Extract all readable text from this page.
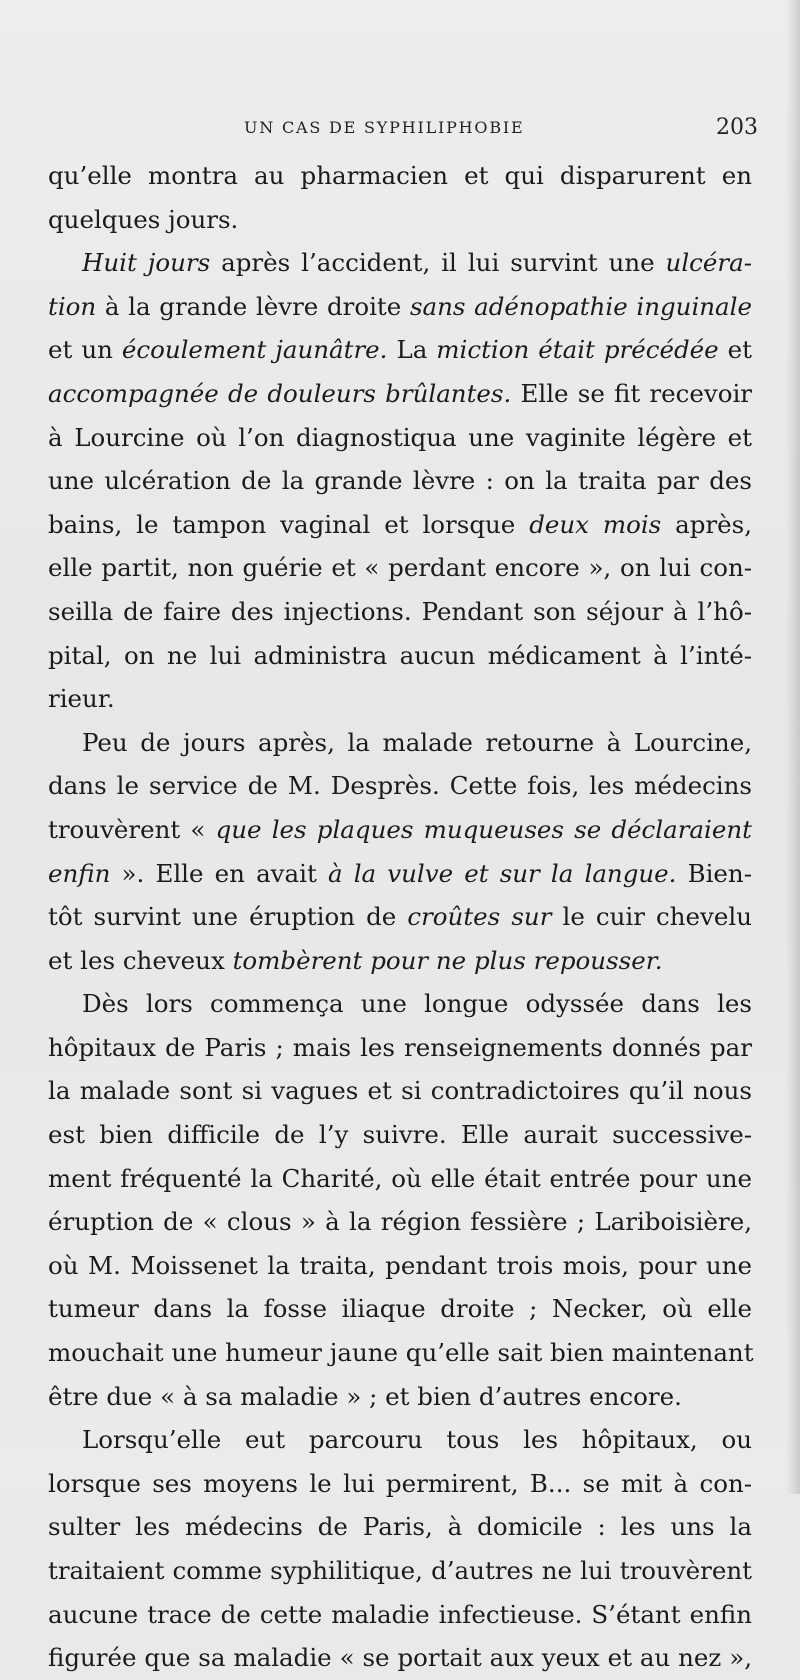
UN CAS DE SYPHILIPHOBIE	203
qu’elle montra au pharmacien et qui disparurent en
quelques jours.
Huit jours après l’accident, il lui survint une ulcéra-
tion à la grande lèvre droite sans adénopathie inguinale
et un écoulement jaunâtre. La miction était précédée et
accompagnée de douleurs brûlantes. Elle se fit recevoir
à Lourcine où l’on diagnostiqua une vaginite légère et
une ulcération de la grande lèvre : on la traita par des
bains, le tampon vaginal et lorsque deux mois après,
elle partit, non guérie et « perdant encore », on lui con-
seilla de faire des injections. Pendant son séjour à l’hô-
pital, on ne lui administra aucun médicament à l’inté-
rieur.
Peu de jours après, la malade retourne à Lourcine,
dans le service de M. Desprès. Cette fois, les médecins
trouvèrent « que les plaques muqueuses se déclaraient
enfin ». Elle en avait à la vulve et sur la langue. Bien-
tôt survint une éruption de croûtes sur le cuir chevelu
et les cheveux tombèrent pour ne plus repousser.
Dès lors commença une longue odyssée dans les
hôpitaux de Paris ; mais les renseignements donnés par
la malade sont si vagues et si contradictoires qu’il nous
est bien difficile de l’y suivre. Elle aurait successive-
ment fréquenté la Charité, où elle était entrée pour une
éruption de « clous » à la région fessière ; Lariboisière,
où M. Moissenet la traita, pendant trois mois, pour une
tumeur dans la fosse iliaque droite ; Necker, où elle
mouchait une humeur jaune qu’elle sait bien maintenant
être due « à sa maladie » ; et bien d’autres encore.
Lorsqu’elle eut parcouru tous les hôpitaux, ou
lorsque ses moyens le lui permirent, B... se mit à con-
sulter les médecins de Paris, à domicile : les uns la
traitaient comme syphilitique, d’autres ne lui trouvèrent
aucune trace de cette maladie infectieuse. S’étant enfin
figurée que sa maladie « se portait aux yeux et au nez »,
